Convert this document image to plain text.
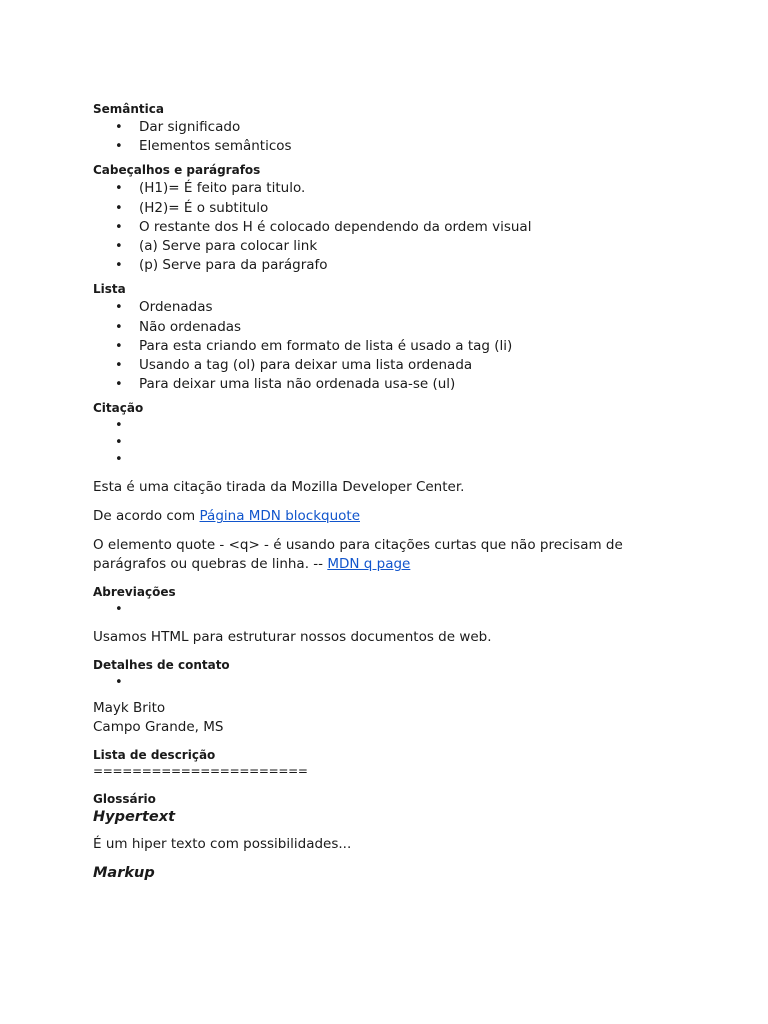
Semântica

• Dar significado
• Elementos semânticos

Cabeçalhos e parágrafos

• (H1)= É feito para titulo.
• (H2)= É o subtitulo
• O restante dos H é colocado dependendo da ordem visual
• (a) Serve para colocar link
• (p) Serve para da parágrafo

Lista

• Ordenadas
• Não ordenadas
• Para esta criando em formato de lista é usado a tag (li)
• Usando a tag (ol) para deixar uma lista ordenada
• Para deixar uma lista não ordenada usa-se (ul)

Citação

•
•
•

Esta é uma citação tirada da Mozilla Developer Center.

De acordo com Página MDN blockquote

O elemento quote - <q> - é usando para citações curtas que não precisam de parágrafos ou quebras de linha. -- MDN q page

Abreviações

•

Usamos HTML para estruturar nossos documentos de web.

Detalhes de contato

•

Mayk Brito
Campo Grande, MS

Lista de descrição

======================

Glossário

Hypertext

É um hiper texto com possibilidades...

Markup
